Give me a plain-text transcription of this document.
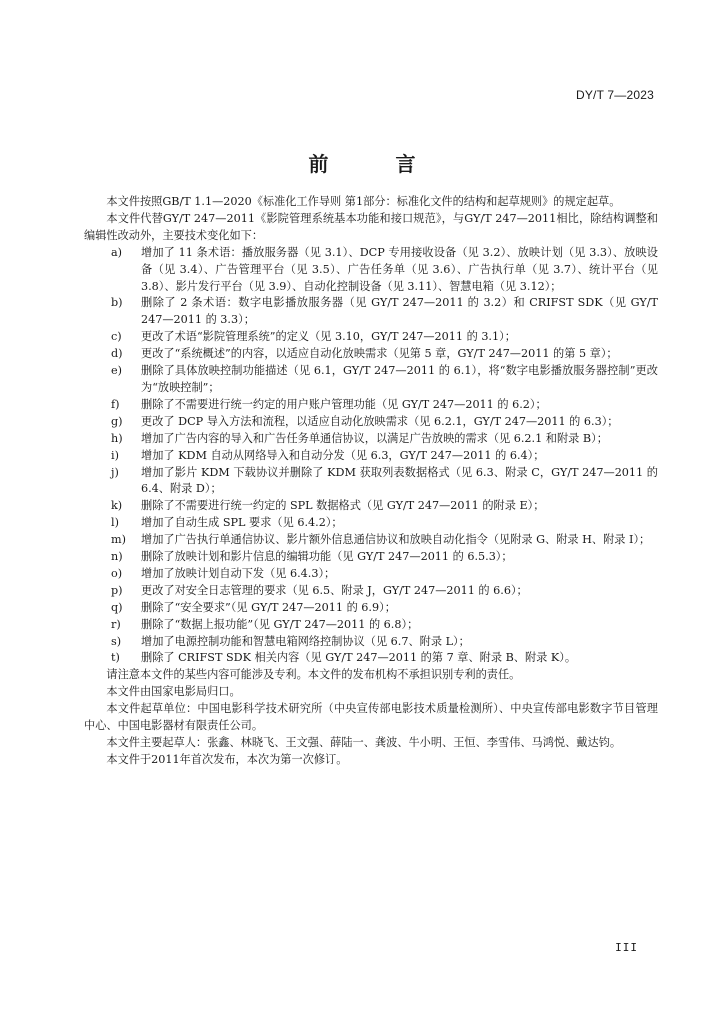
DY/T 7—2023
前 言

本文件按照GB/T 1.1—2020《标准化工作导则 第1部分：标准化文件的结构和起草规则》的规定起草。

本文件代替GY/T 247—2011《影院管理系统基本功能和接口规范》，与GY/T 247—2011相比，除结构调整和编辑性改动外，主要技术变化如下：

a)	增加了 11 条术语：播放服务器（见 3.1）、DCP 专用接收设备（见 3.2）、放映计划（见 3.3）、放映设备（见 3.4）、广告管理平台（见 3.5）、广告任务单（见 3.6）、广告执行单（见 3.7）、统计平台（见 3.8）、影片发行平台（见 3.9）、自动化控制设备（见 3.11）、智慧电箱（见 3.12）；
b)	删除了 2 条术语：数字电影播放服务器（见 GY/T 247—2011 的 3.2）和 CRIFST SDK（见 GY/T 247—2011 的 3.3）；
c)	更改了术语“影院管理系统”的定义（见 3.10，GY/T 247—2011 的 3.1）；
d)	更改了“系统概述”的内容，以适应自动化放映需求（见第 5 章，GY/T 247—2011 的第 5 章）；
e)	删除了具体放映控制功能描述（见 6.1，GY/T 247—2011 的 6.1），将“数字电影播放服务器控制”更改为“放映控制”；
f)	删除了不需要进行统一约定的用户账户管理功能（见 GY/T 247—2011 的 6.2）；
g)	更改了 DCP 导入方法和流程，以适应自动化放映需求（见 6.2.1，GY/T 247—2011 的 6.3）；
h)	增加了广告内容的导入和广告任务单通信协议，以满足广告放映的需求（见 6.2.1 和附录 B）；
i)	增加了 KDM 自动从网络导入和自动分发（见 6.3，GY/T 247—2011 的 6.4）；
j)	增加了影片 KDM 下载协议并删除了 KDM 获取列表数据格式（见 6.3、附录 C，GY/T 247—2011 的 6.4、附录 D）；
k)	删除了不需要进行统一约定的 SPL 数据格式（见 GY/T 247—2011 的附录 E）；
l)	增加了自动生成 SPL 要求（见 6.4.2）；
m)	增加了广告执行单通信协议、影片额外信息通信协议和放映自动化指令（见附录 G、附录 H、附录 I）；
n)	删除了放映计划和影片信息的编辑功能（见 GY/T 247—2011 的 6.5.3）；
o)	增加了放映计划自动下发（见 6.4.3）；
p)	更改了对安全日志管理的要求（见 6.5、附录 J，GY/T 247—2011 的 6.6）；
q)	删除了“安全要求”（见 GY/T 247—2011 的 6.9）；
r)	删除了“数据上报功能”（见 GY/T 247—2011 的 6.8）；
s)	增加了电源控制功能和智慧电箱网络控制协议（见 6.7、附录 L）；
t)	删除了 CRIFST SDK 相关内容（见 GY/T 247—2011 的第 7 章、附录 B、附录 K）。

请注意本文件的某些内容可能涉及专利。本文件的发布机构不承担识别专利的责任。

本文件由国家电影局归口。

本文件起草单位：中国电影科学技术研究所（中央宣传部电影技术质量检测所）、中央宣传部电影数字节目管理中心、中国电影器材有限责任公司。

本文件主要起草人：张鑫、林晓飞、王文强、薛陆一、龚波、牛小明、王恒、李雪伟、马鸿悦、戴达钧。

本文件于2011年首次发布，本次为第一次修订。

III
